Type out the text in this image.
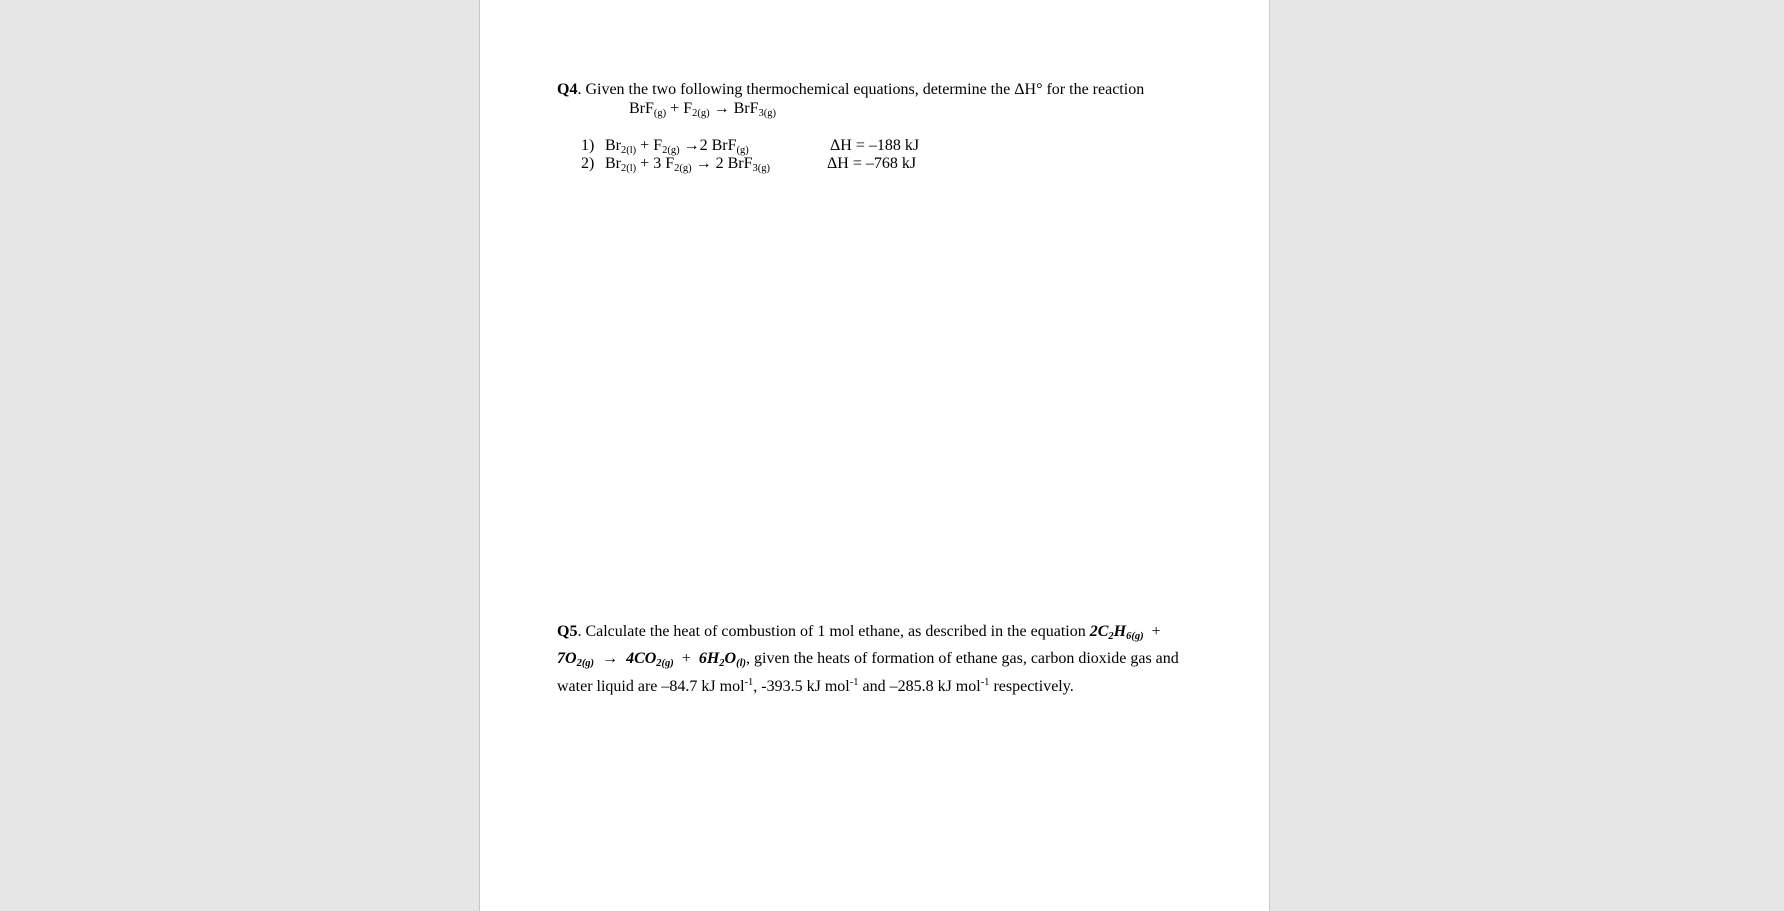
Q4. Given the two following thermochemical equations, determine the ΔH° for the reaction
$BrF_{(g)} + F_{2(g)} \to BrF_{3(g)}$
1) $Br_{2(l)} + F_{2(g)} \to 2$ BrF$_{(g)}$	ΔH = –188 kJ
2) $Br_{2(l)} + 3$ $F_{2(g)} \to 2$ BrF$_{3(g)}$	ΔH = –768 kJ
Q5. Calculate the heat of combustion of 1 mol ethane, as described in the equation $2C_2H_{6(g)}$ +
$7O_{2(g)} \to 4CO_{2(g)} + 6H_2O_{(l)}$, given the heats of formation of ethane gas, carbon dioxide gas and
water liquid are –84.7 kJ mol$^{-1}$, -393.5 kJ mol$^{-1}$ and –285.8 kJ mol$^{-1}$ respectively.
